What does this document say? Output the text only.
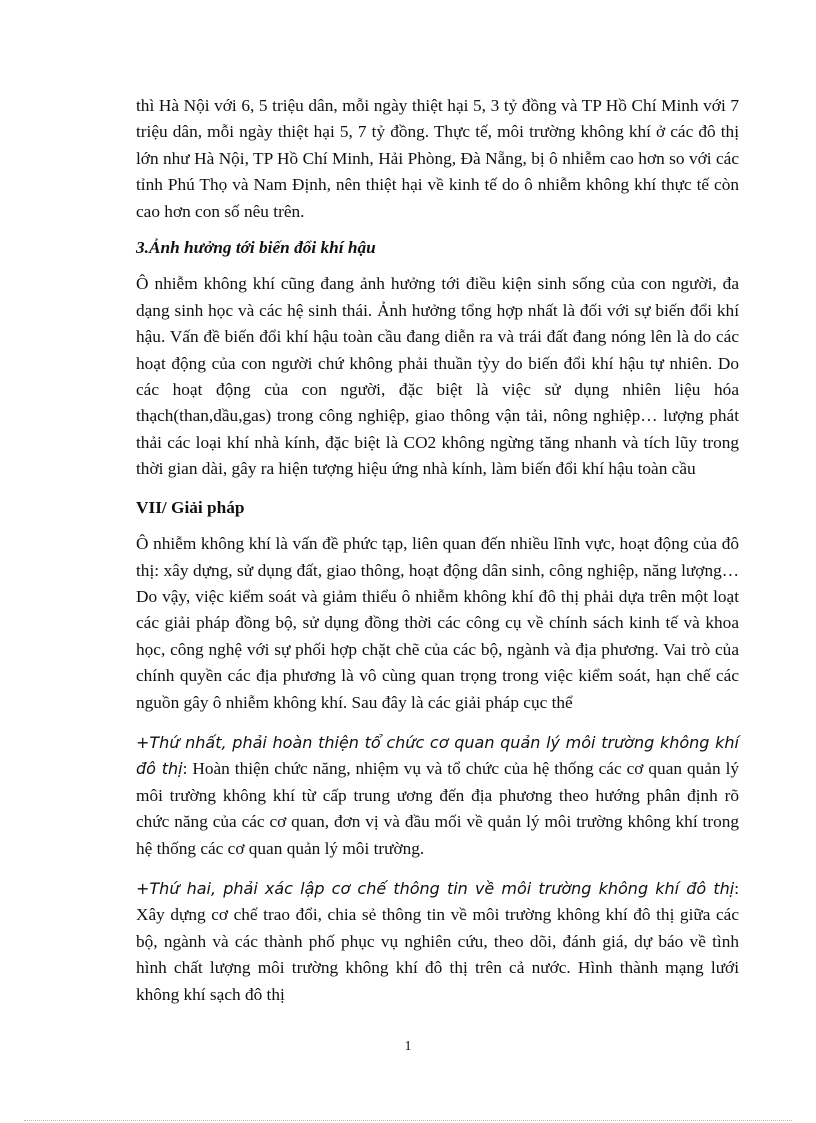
thì Hà Nội với 6, 5 triệu dân, mỗi ngày thiệt hại 5, 3 tỷ đồng và TP Hồ Chí Minh với 7 triệu dân, mỗi ngày thiệt hại 5, 7 tỷ đồng. Thực tế, môi trường không khí ở các đô thị lớn như Hà Nội, TP Hồ Chí Minh, Hải Phòng, Đà Nẵng, bị ô nhiễm cao hơn so với các tỉnh Phú Thọ và Nam Định, nên thiệt hại về kinh tế do ô nhiễm không khí thực tế còn cao hơn con số nêu trên.

3.Ảnh hưởng tới biến đổi khí hậu

Ô nhiễm không khí cũng đang ảnh hưởng tới điều kiện sinh sống của con người, đa dạng sinh học và các hệ sinh thái. Ảnh hưởng tổng hợp nhất là đối với sự biến đổi khí hậu. Vấn đề biến đổi khí hậu toàn cầu đang diễn ra và trái đất đang nóng lên là do các hoạt động của con người chứ không phải thuần tỳy do biến đổi khí hậu tự nhiên. Do các hoạt động của con người, đặc biệt là việc sử dụng nhiên liệu hóa thạch(than,dầu,gas) trong công nghiệp, giao thông vận tải, nông nghiệp… lượng phát thải các loại khí nhà kính, đặc biệt là CO2 không ngừng tăng nhanh và tích lũy trong thời gian dài, gây ra hiện tượng hiệu ứng nhà kính, làm biến đổi khí hậu toàn cầu

VII/ Giải pháp

Ô nhiễm không khí là vấn đề phức tạp, liên quan đến nhiều lĩnh vực, hoạt động của đô thị: xây dựng, sử dụng đất, giao thông, hoạt động dân sinh, công nghiệp, năng lượng…Do vậy, việc kiểm soát và giảm thiểu ô nhiễm không khí đô thị phải dựa trên một loạt các giải pháp đồng bộ, sử dụng đồng thời các công cụ về chính sách kinh tế và khoa học, công nghệ với sự phối hợp chặt chẽ của các bộ, ngành và địa phương. Vai trò của chính quyền các địa phương là vô cùng quan trọng trong việc kiểm soát, hạn chế các nguồn gây ô nhiễm không khí. Sau đây là các giải pháp cục thể

+Thứ nhất, phải hoàn thiện tổ chức cơ quan quản lý môi trường không khí đô thị: Hoàn thiện chức năng, nhiệm vụ và tổ chức của hệ thống các cơ quan quản lý môi trường không khí từ cấp trung ương đến địa phương theo hướng phân định rõ chức năng của các cơ quan, đơn vị và đầu mối về quản lý môi trường không khí trong hệ thống các cơ quan quản lý môi trường.

+Thứ hai, phải xác lập cơ chế thông tin về môi trường không khí đô thị: Xây dựng cơ chế trao đổi, chia sẻ thông tin về môi trường không khí đô thị giữa các bộ, ngành và các thành phố phục vụ nghiên cứu, theo dõi, đánh giá, dự báo về tình hình chất lượng môi trường không khí đô thị trên cả nước. Hình thành mạng lưới không khí sạch đô thị

1
